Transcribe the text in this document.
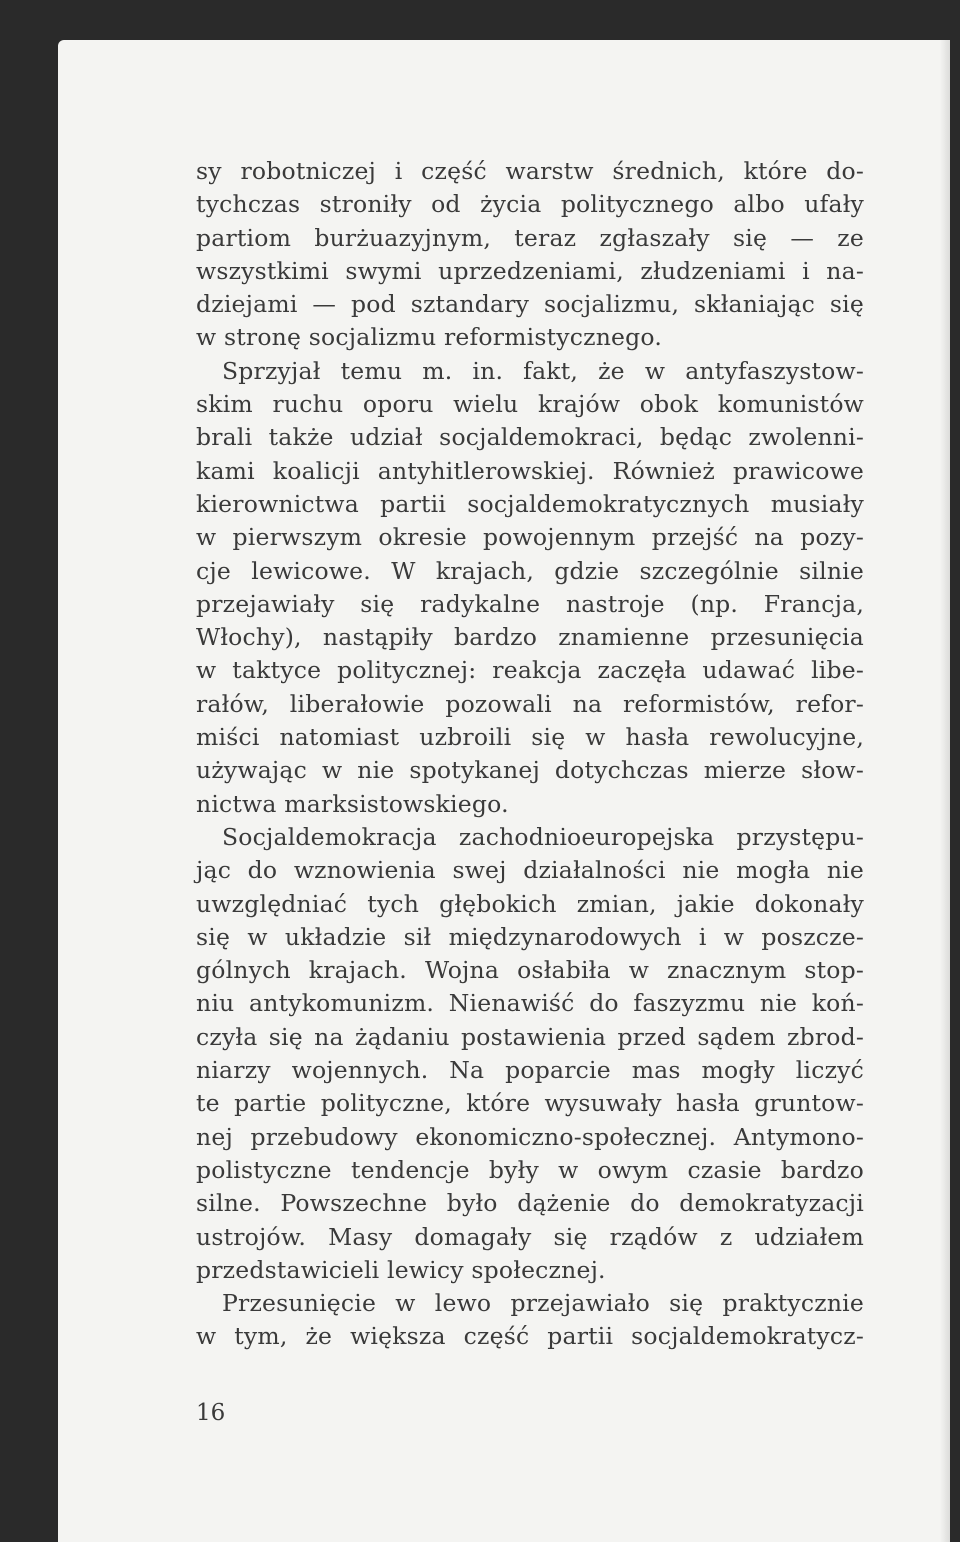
sy robotniczej i część warstw średnich, które do-
tychczas stroniły od życia politycznego albo ufały
partiom burżuazyjnym, teraz zgłaszały się — ze
wszystkimi swymi uprzedzeniami, złudzeniami i na-
dziejami — pod sztandary socjalizmu, skłaniając się
w stronę socjalizmu reformistycznego.
Sprzyjał temu m. in. fakt, że w antyfaszystow-
skim ruchu oporu wielu krajów obok komunistów
brali także udział socjaldemokraci, będąc zwolenni-
kami koalicji antyhitlerowskiej. Również prawicowe
kierownictwa partii socjaldemokratycznych musiały
w pierwszym okresie powojennym przejść na pozy-
cje lewicowe. W krajach, gdzie szczególnie silnie
przejawiały się radykalne nastroje (np. Francja,
Włochy), nastąpiły bardzo znamienne przesunięcia
w taktyce politycznej: reakcja zaczęła udawać libe-
rałów, liberałowie pozowali na reformistów, refor-
miści natomiast uzbroili się w hasła rewolucyjne,
używając w nie spotykanej dotychczas mierze słow-
nictwa marksistowskiego.
Socjaldemokracja zachodnioeuropejska przystępu-
jąc do wznowienia swej działalności nie mogła nie
uwzględniać tych głębokich zmian, jakie dokonały
się w układzie sił międzynarodowych i w poszcze-
gólnych krajach. Wojna osłabiła w znacznym stop-
niu antykomunizm. Nienawiść do faszyzmu nie koń-
czyła się na żądaniu postawienia przed sądem zbrod-
niarzy wojennych. Na poparcie mas mogły liczyć
te partie polityczne, które wysuwały hasła gruntow-
nej przebudowy ekonomiczno-społecznej. Antymono-
polistyczne tendencje były w owym czasie bardzo
silne. Powszechne było dążenie do demokratyzacji
ustrojów. Masy domagały się rządów z udziałem
przedstawicieli lewicy społecznej.
Przesunięcie w lewo przejawiało się praktycznie
w tym, że większa część partii socjaldemokratycz-
16
